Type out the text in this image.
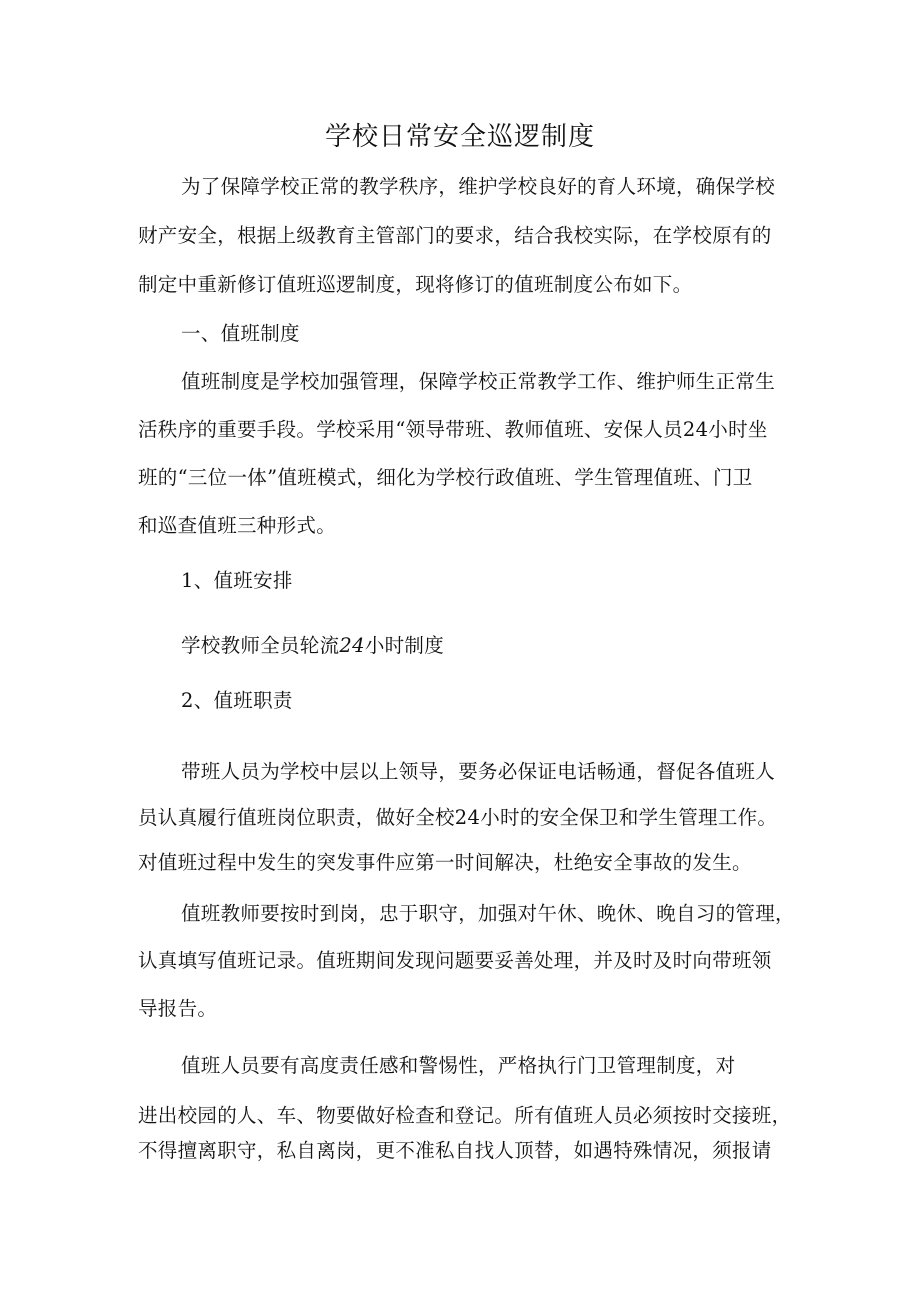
学校日常安全巡逻制度
为了保障学校正常的教学秩序，维护学校良好的育人环境，确保学校
财产安全，根据上级教育主管部门的要求，结合我校实际，在学校原有的
制定中重新修订值班巡逻制度，现将修订的值班制度公布如下。
一、值班制度
值班制度是学校加强管理，保障学校正常教学工作、维护师生正常生
活秩序的重要手段。学校采用“领导带班、教师值班、安保人员24小时坐
班的“三位一体”值班模式，细化为学校行政值班、学生管理值班、门卫
和巡查值班三种形式。
1、值班安排
学校教师全员轮流24小时制度
2、值班职责
带班人员为学校中层以上领导，要务必保证电话畅通，督促各值班人
员认真履行值班岗位职责，做好全校24小时的安全保卫和学生管理工作。
对值班过程中发生的突发事件应第一时间解决，杜绝安全事故的发生。
值班教师要按时到岗，忠于职守，加强对午休、晚休、晚自习的管理，
认真填写值班记录。值班期间发现问题要妥善处理，并及时及时向带班领
导报告。
值班人员要有高度责任感和警惕性，严格执行门卫管理制度，对
进出校园的人、车、物要做好检查和登记。所有值班人员必须按时交接班，
不得擅离职守，私自离岗，更不准私自找人顶替，如遇特殊情况，须报请
